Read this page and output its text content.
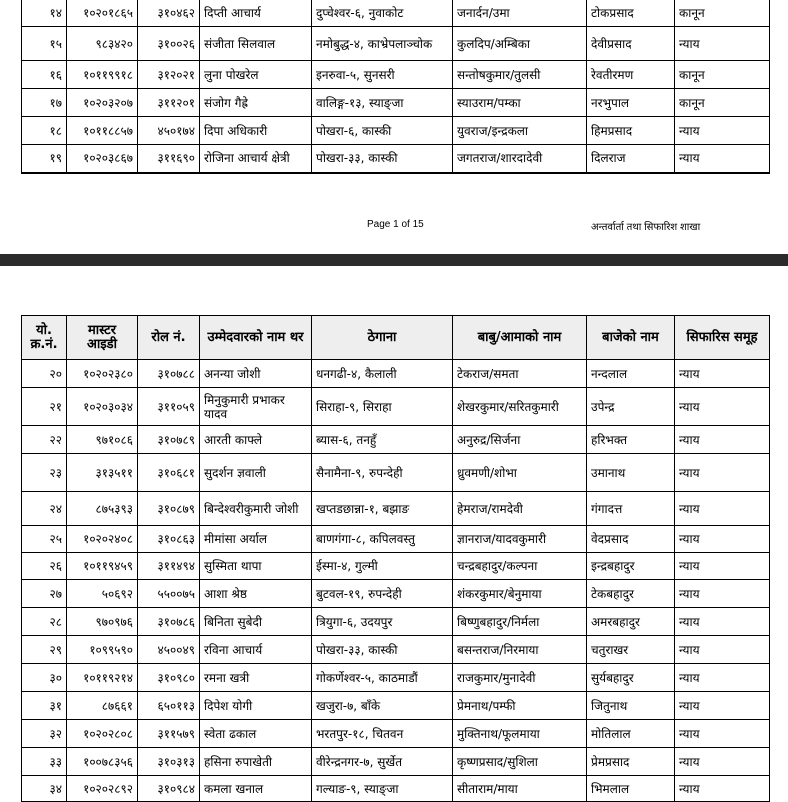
१४	१०२०१८६५	३१०४६२	दिप्ती आचार्य	दुप्चेश्वर-६, नुवाकोट	जनार्दन/उमा	टोकप्रसाद	कानून
१५	९८३४२०	३१००२६	संजीता सिलवाल	नमोबुद्ध-४, काभ्रेपलाञ्चोक	कुलदिप/अम्बिका	देवीप्रसाद	न्याय
१६	१०११९९१८	३१२०२१	लुना पोखरेल	इनरुवा-५, सुनसरी	सन्तोषकुमार/तुलसी	रेवतीरमण	कानून
१७	१०२०३२०७	३११२०१	संजोग गैह्रे	वालिङ्ग-१३, स्याङ्जा	स्याउराम/पम्का	नरभुपाल	कानून
१८	१०११८८५७	४५०१७४	दिपा अधिकारी	पोखरा-६, कास्की	युवराज/इन्द्रकला	हिमप्रसाद	न्याय
१९	१०२०३८६७	३११६९०	रोजिना आचार्य क्षेत्री	पोखरा-३३, कास्की	जगतराज/शारदादेवी	दिलराज	न्याय
Page 1 of 15	अन्तर्वार्ता तथा सिफारिश शाखा
यो. क्र.नं.	मास्टर आइडी	रोल नं.	उम्मेदवारको नाम थर	ठेगाना	बाबु/आमाको नाम	बाजेको नाम	सिफारिस समूह
२०	१०२०२३८०	३१०७८८	अनन्या जोशी	धनगढी-४, कैलाली	टेकराज/समता	नन्दलाल	न्याय
२१	१०२०३०३४	३११०५९	मिनुकुमारी प्रभाकर यादव	सिराहा-९, सिराहा	शेखरकुमार/सरितकुमारी	उपेन्द्र	न्याय
२२	९७१०८६	३१०७८९	आरती काफ्ले	ब्यास-६, तनहुँ	अनुरुद्र/सिर्जना	हरिभक्त	न्याय
२३	३१३५११	३१०६८१	सुदर्शन ज्ञवाली	सैनामैना-९, रुपन्देही	ध्रुवमणी/शोभा	उमानाथ	न्याय
२४	८७५३९३	३१०८७९	बिन्देश्वरीकुमारी जोशी	खप्तडछान्ना-१, बझाङ	हेमराज/रामदेवी	गंगादत्त	न्याय
२५	१०२०२४०८	३१०८६३	मीमांसा अर्याल	बाणगंगा-८, कपिलवस्तु	ज्ञानराज/यादवकुमारी	वेदप्रसाद	न्याय
२६	१०११९४५९	३११४९४	सुस्मिता थापा	ईस्मा-४, गुल्मी	चन्द्रबहादुर/कल्पना	इन्द्रबहादुर	न्याय
२७	५०६९२	५५००७५	आशा श्रेष्ठ	बुटवल-१९, रुपन्देही	शंकरकुमार/बेनुमाया	टेकबहादुर	न्याय
२८	९७०९७६	३१०७८६	बिनिता सुबेदी	त्रियुगा-६, उदयपुर	बिष्णुबहादुर/निर्मला	अमरबहादुर	न्याय
२९	१०९९५९०	४५००४९	रविना आचार्य	पोखरा-३३, कास्की	बसन्तराज/निरमाया	चतुराखर	न्याय
३०	१०११९२१४	३१०९८०	रमना खत्री	गोकर्णेश्वर-५, काठमाडौं	राजकुमार/मुनादेवी	सुर्यबहादुर	न्याय
३१	८७६६१	६५०११३	दिपेश योगी	खजुरा-७, बाँके	प्रेमनाथ/पम्फी	जितुनाथ	न्याय
३२	१०२०२८०८	३११५७९	स्वेता ढकाल	भरतपुर-१८, चितवन	मुक्तिनाथ/फूलमाया	मोतिलाल	न्याय
३३	१००७८३५६	३१०३१३	हसिना रुपाखेती	वीरेन्द्रनगर-७, सुर्खेत	कृष्णप्रसाद/सुशिला	प्रेमप्रसाद	न्याय
३४	१०२०२८९२	३१०९८४	कमला खनाल	गल्याङ-९, स्याङ्जा	सीताराम/माया	भिमलाल	न्याय
